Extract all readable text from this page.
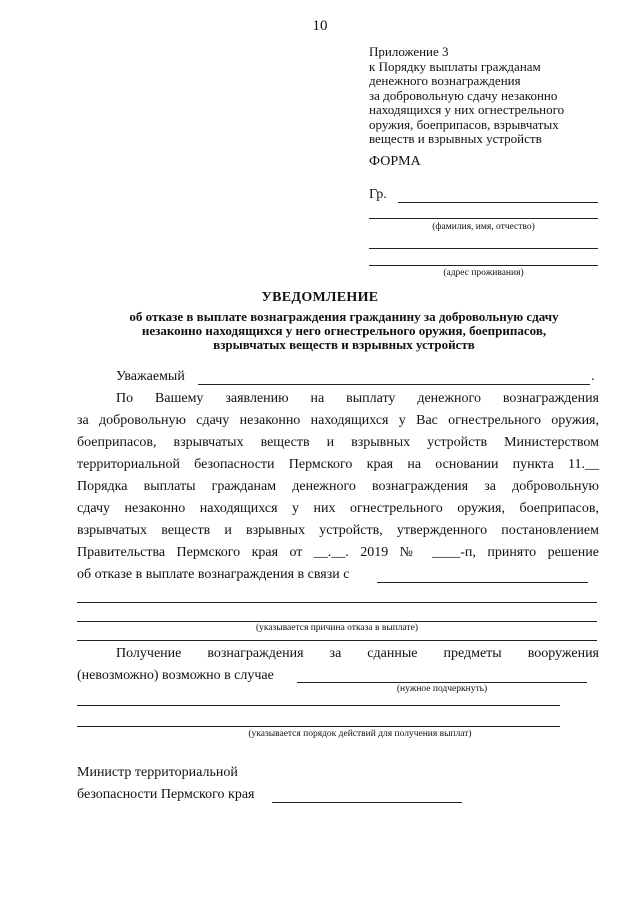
10
Приложение 3
к Порядку выплаты гражданам
денежного вознаграждения
за добровольную сдачу незаконно
находящихся у них огнестрельного
оружия, боеприпасов, взрывчатых
веществ и взрывных устройств
ФОРМА
Гр.
(фамилия, имя, отчество)
(адрес проживания)
УВЕДОМЛЕНИЕ
об отказе в выплате вознаграждения гражданину за добровольную сдачу
незаконно находящихся у него огнестрельного оружия, боеприпасов,
взрывчатых веществ и взрывных устройств
Уважаемый	.
По Вашему заявлению на выплату денежного вознаграждения
за добровольную сдачу незаконно находящихся у Вас огнестрельного оружия,
боеприпасов, взрывчатых веществ и взрывных устройств Министерством
территориальной безопасности Пермского края на основании пункта 11.__
Порядка выплаты гражданам денежного вознаграждения за добровольную
сдачу незаконно находящихся у них огнестрельного оружия, боеприпасов,
взрывчатых веществ и взрывных устройств, утвержденного постановлением
Правительства Пермского края от __.__. 2019 № ____-п, принято решение
об отказе в выплате вознаграждения в связи с
(указывается причина отказа в выплате)
Получение вознаграждения за сданные предметы вооружения
(невозможно) возможно в случае
(нужное подчеркнуть)
(указывается порядок действий для получения выплат)
Министр территориальной
безопасности Пермского края
